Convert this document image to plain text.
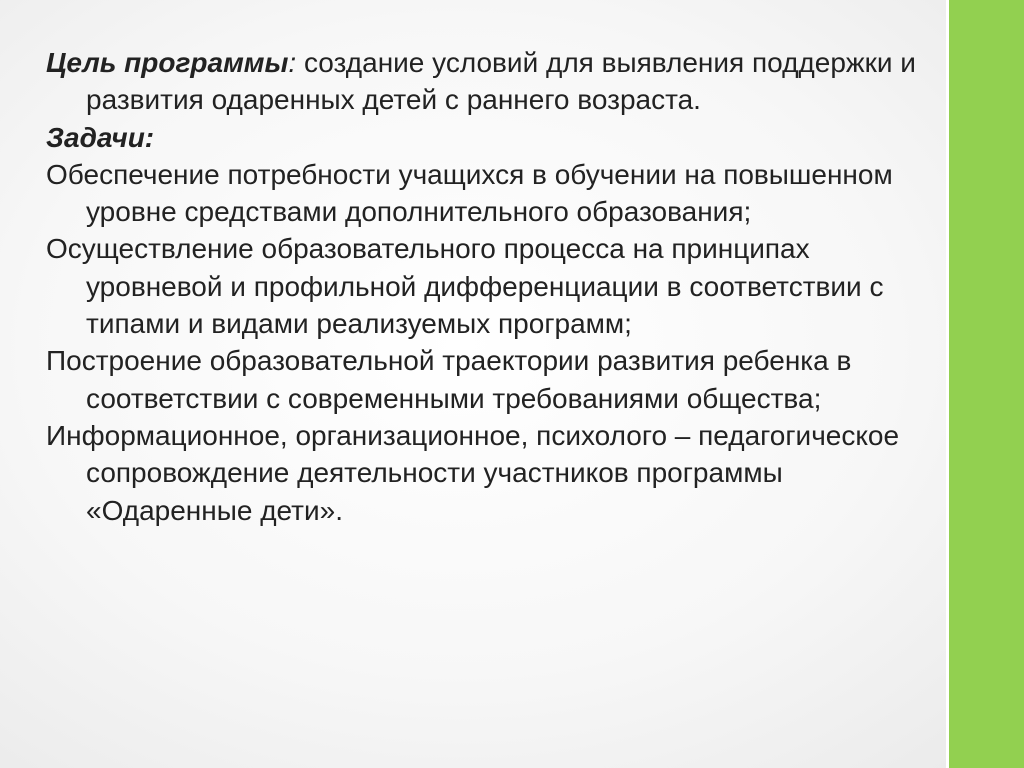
Цель программы: создание условий для выявления поддержки и развития одаренных детей с раннего возраста.

Задачи:

Обеспечение потребности учащихся в обучении на повышенном уровне средствами дополнительного образования;

Осуществление образовательного процесса на принципах уровневой и профильной дифференциации в соответствии с типами и видами реализуемых программ;

Построение образовательной траектории развития ребенка в соответствии с современными требованиями общества;

Информационное, организационное, психолого – педагогическое сопровождение деятельности участников программы «Одаренные дети».
